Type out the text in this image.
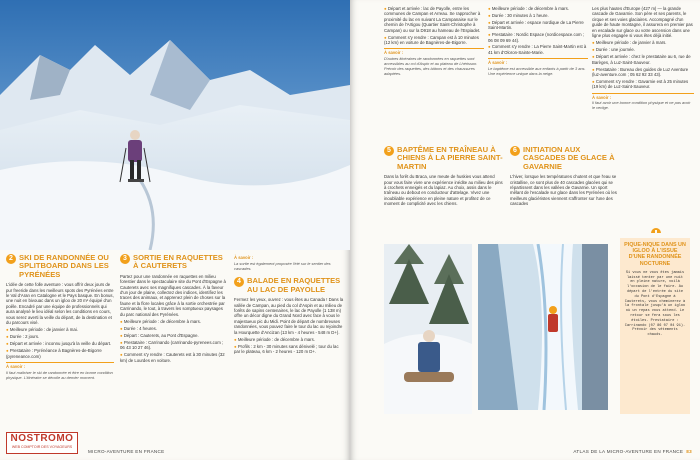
2 SKI DE RANDONNÉE OU SPLITBOARD DANS LES PYRÉNÉES

L'idée de cette folle aventure : vous offrir deux jours de pur freeride dans les meilleurs spots des Pyrénées entre le Val d'Aran en Catalogne et le Pays basque. En bonus, une nuit en bivouac dans un igloo de 20 m² équipé d'un poêle. Encadré par une équipe de professionnels qui aura analysé le lieu idéal selon les conditions en cours, vous serez averti la veille du départ, de la destination et du parcours visé.

● Meilleure période : de janvier à mai.
● Durée : 2 jours.
● Départ et arrivée : inconnu jusqu'à la veille du départ.
● Prestataire : Pyrénéance à Bagnères-de-Bigorre (pyreneance.com)
À savoir :
Il faut maîtriser le ski de randonnée et être en bonne condition physique. L'itinéraire se dévoile au dernier moment.
3 SORTIE EN RAQUETTES À CAUTERETS

Partez pour une randonnée en raquettes en milieu forestier dans le spectaculaire site du Pont d'Espagne à Cauterets avec ses magnifiques cascades. À la faveur d'un jour de plaine, collectez des indices, identifiez les traces des animaux, et apprenez plein de choses sur la faune et la flore locales grâce à la sortie orchestrée par Carrinando, le tout, à travers les somptueux paysages du parc national des Pyrénées.

● Meilleure période : de décembre à mars.
● Durée : 4 heures.
● Départ : Cauterets, au Pont d'Espagne.
● Prestataire : Carrinando (carrinando-pyrenees.com ; 06 43 10 27 46).
● Comment s'y rendre : Cauterets est à 30 minutes (32 km) de Lourdes en voiture.
À savoir :
La sortie est également proposée l'été sur le sentier des cascades.
4 BALADE EN RAQUETTES AU LAC DE PAYOLLE

Fermez les yeux, ouvrez : vous êtes au Canada ! Dans la vallée de Campan, au pied du col d'Aspin et au milieu de forêts de sapins centenaires, le lac de Payolle (1 138 m) offre un décor digne du Grand Nord avec face à vous le majestueux pic du Midi. Point de départ de nombreuses randonnées, vous pouvez faire le tour du lac ou rejoindre la Hourquette d'Ancizan (13 km - 4 heures - 548 m D+).

● Meilleure période : de décembre à mars.
● Profils : 2 km - 30 minutes sans dénivelé ; tour du lac par le plateau, 6 km - 2 heures - 120 m D+.
NOSTROMO
WEB COMPTOIR DES VOYAGEURS
MICRO-AVENTURE EN FRANCE
● Départ et arrivée : lac de Payolle, entre les communes de Campan et Arreau. Se rapprocher à proximité du lac en suivant La Campanaise sur le chemin de l'Artigou (Quartier Saint-Christophe à Campan) ou sur la D918 au hameau de l'Espiadet.
● Comment s'y rendre : Campan est à 10 minutes (12 km) en voiture de Bagnères-de-Bigorre.
À savoir :
D'autres itinéraires de randonnées en raquettes sont accessibles au col d'Aspin et au plateau de Lhérisson. Prévoir des raquettes, des bâtons et des chaussures adaptées.
● Meilleure période : de décembre à mars.
● Durée : 30 minutes à 1 heure.
● Départ et arrivée : espace nordique de La Pierre Saint-Martin.
● Prestataire : Nordic Espace (nordicespace.com ; 06 08 09 69 44).
● Comment s'y rendre : La Pierre Saint-Martin est à 41 km d'Oloron-Sainte-Marie.
À savoir :
Le baptême est accessible aux enfants à partir de 3 ans. Une expérience unique dans la neige.

Les plus hautes d'Europe (427 m) — la grande cascade de Gavarnie. Son père et ses parents, le cirque et ses voies glaciaires. Accompagné d'un guide de haute montagne, il assurera en premier pas en escalade sur glace ou votre ascension dans une ligne plus engagée si vous êtes déjà initié.

● Meilleure période : de janvier à mars.
● Durée : une journée.
● Départ et arrivée : chez le prestataire au 6, rue de Barèges, à Luz-Saint-Sauveur.
● Prestataire : Bureau des guides de Luz Aventure (luz-aventure.com ; 05 62 92 33 43).
● Comment s'y rendre : Gavarnie est à 25 minutes (19 km) de Luz-Saint-Sauveur.
À savoir :
Il faut avoir une bonne condition physique et ne pas avoir le vertige.
5 BAPTÊME EN TRAÎNEAU À CHIENS À LA PIERRE SAINT-MARTIN

Dans la forêt du Braca, une meute de huskies vous attend pour vous faire vivre une expérience inédite au milieu des pins à crochets enneigés et du lapiaz. Au choix, assis dans le traîneau ou debout en conducteur d'attelage. Vivez une inoubliable expérience en pleine nature et profitez de ce moment de complicité avec les chiens.

6 INITIATION AUX CASCADES DE GLACE À GAVARNIE

L'hiver, lorsque les températures chutent et que l'eau se cristallise, ce sont plus de 40 cascades glacées qui se répartissent dans les vallées de Gavarnie. Un sport mêlant de l'escalade sur glace dans les Pyrénées où les meilleurs glaciéristes viennent s'affronter sur l'une des cascades

ATLAS DE LA MICRO-AVENTURE EN FRANCE 83
PIQUE-NIQUE DANS UN IGLOO À L'ISSUE D'UNE RANDONNÉE NOCTURNE
Si vous ne vous êtes jamais laissé tenter par une nuit en pleine nature, voilà l'occasion de le faire. Au départ de l'entrée du site du Pont d'Espagne à Cauterets, vous cheminerez à la frontale jusqu'à un igloo où un repas vous attend. Le retour se fera sous les étoiles. Prestataire : Carrinando (07 86 07 04 91). Prévoir des vêtements chauds.
